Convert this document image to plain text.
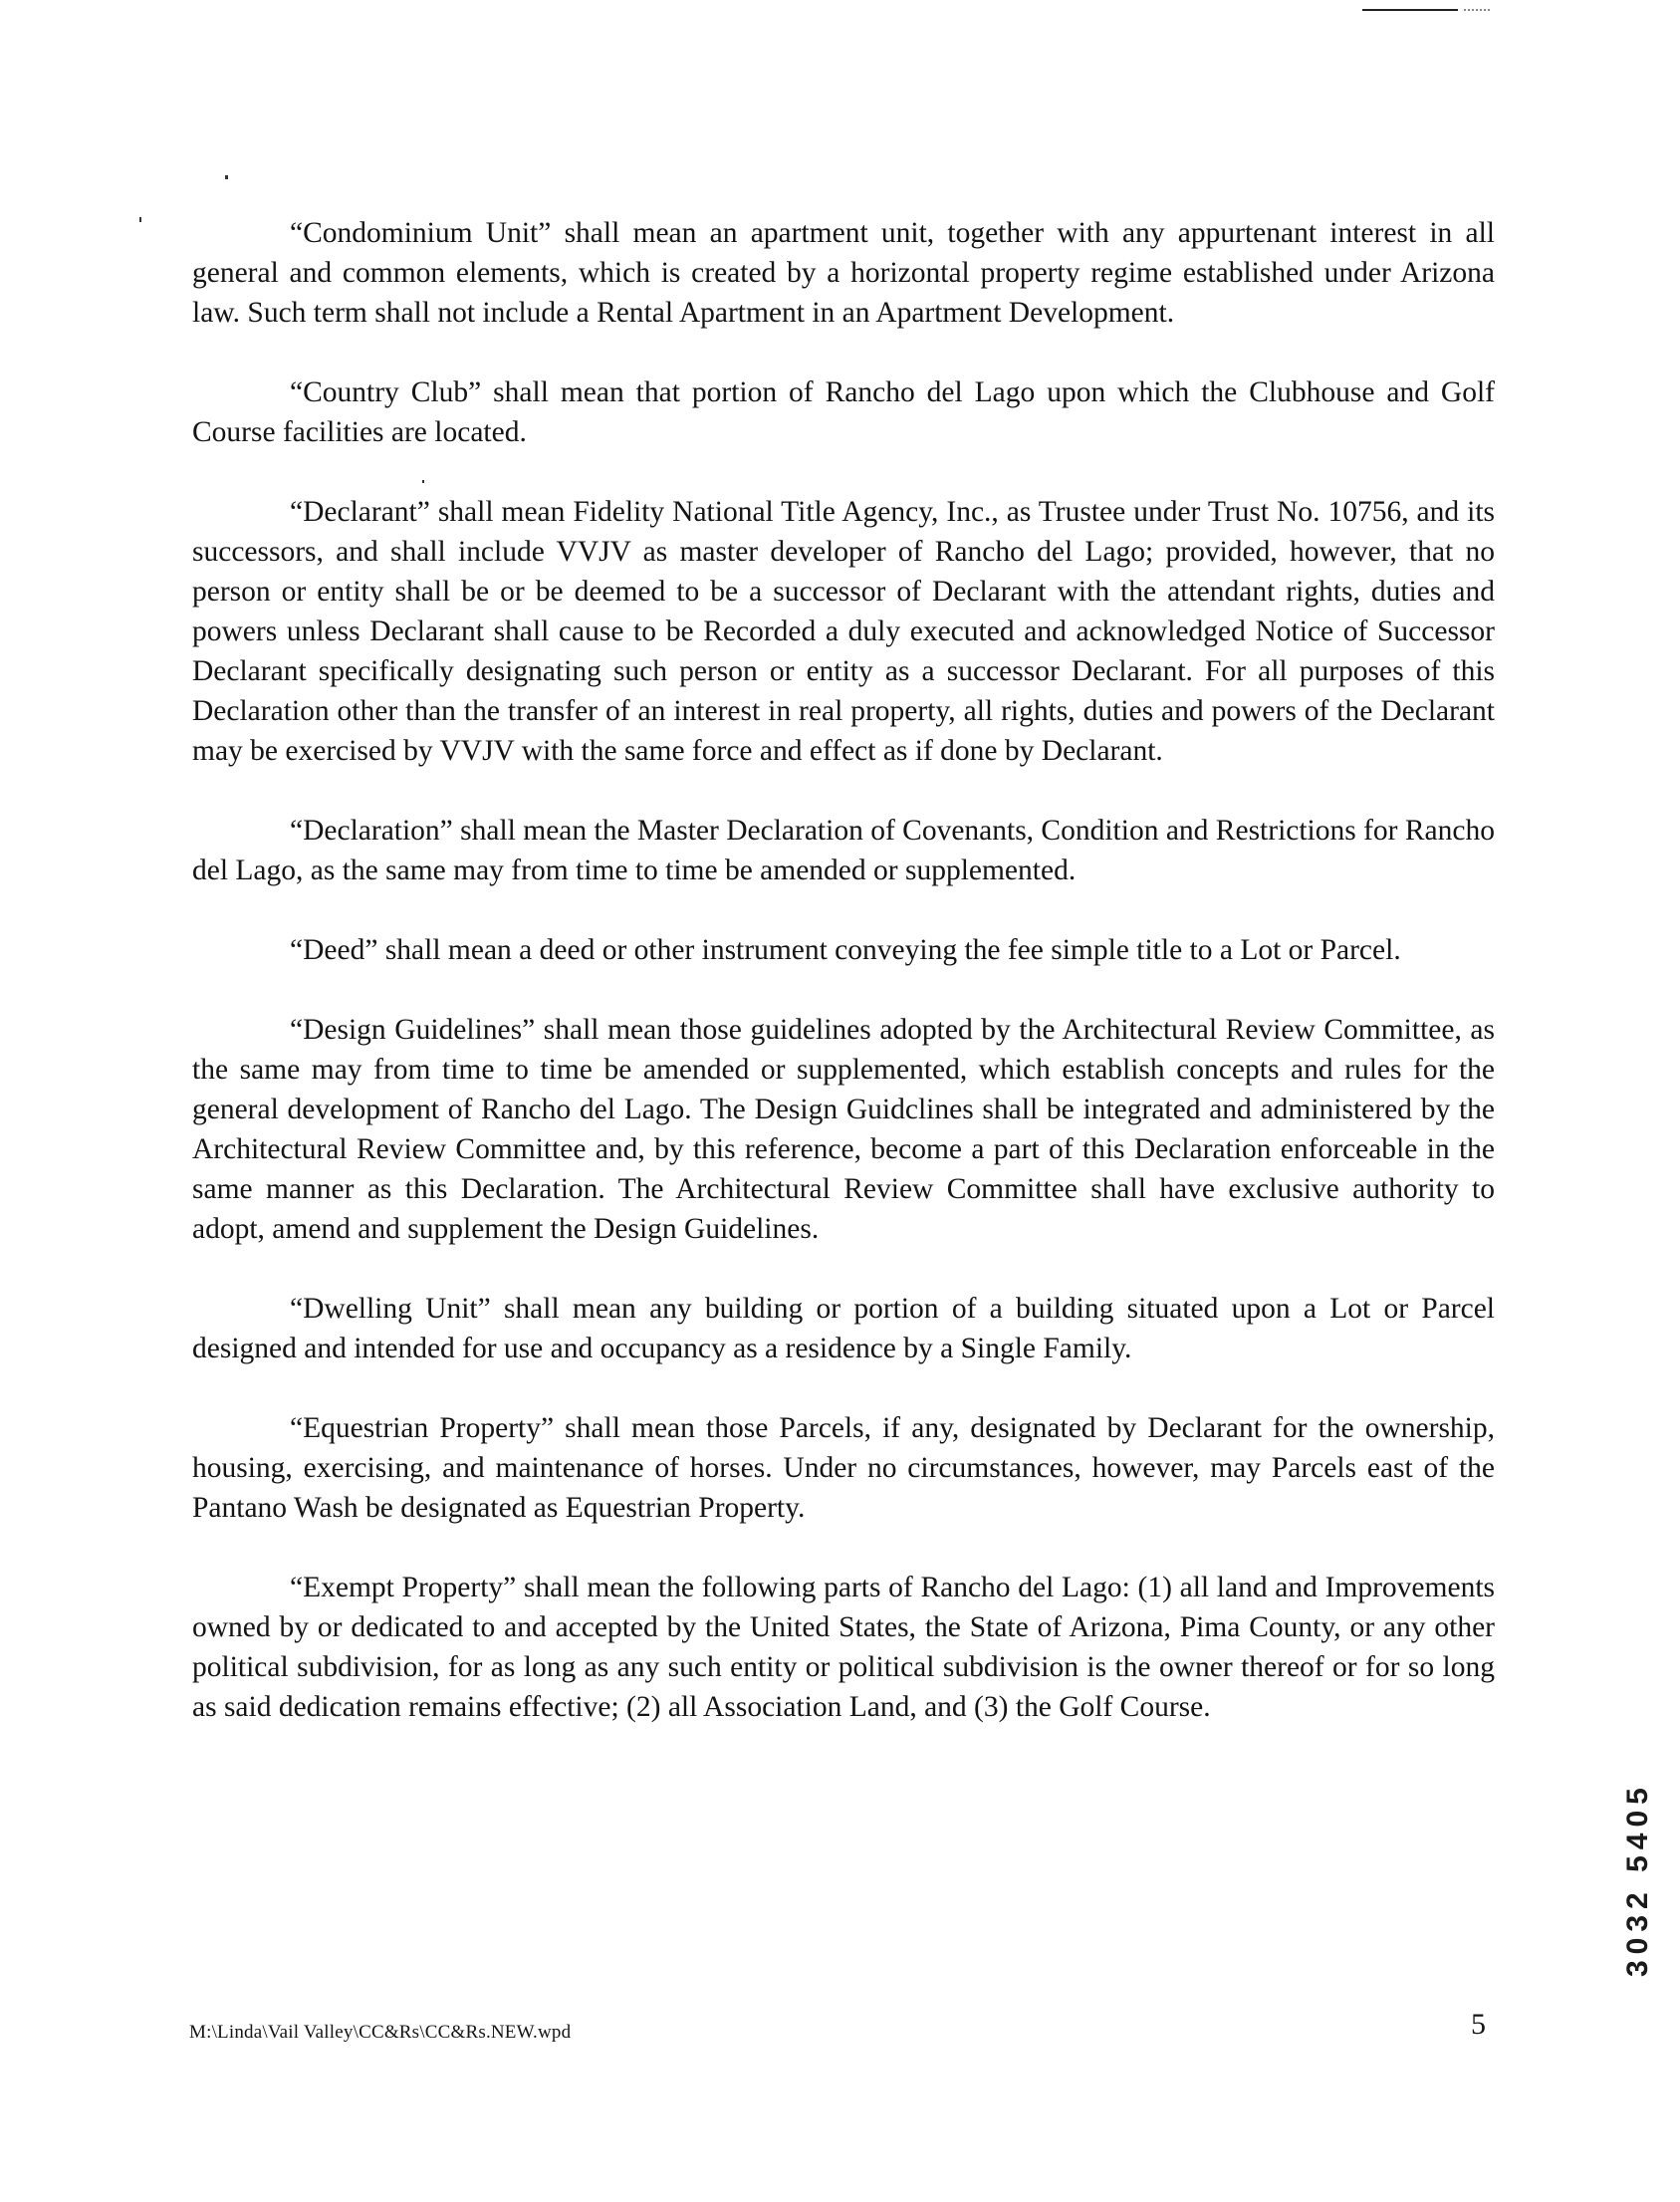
“Condominium Unit” shall mean an apartment unit, together with any appurtenant interest in all general and common elements, which is created by a horizontal property regime established under Arizona law. Such term shall not include a Rental Apartment in an Apartment Development.

“Country Club” shall mean that portion of Rancho del Lago upon which the Clubhouse and Golf Course facilities are located.

“Declarant” shall mean Fidelity National Title Agency, Inc., as Trustee under Trust No. 10756, and its successors, and shall include VVJV as master developer of Rancho del Lago; provided, however, that no person or entity shall be or be deemed to be a successor of Declarant with the attendant rights, duties and powers unless Declarant shall cause to be Recorded a duly executed and acknowledged Notice of Successor Declarant specifically designating such person or entity as a successor Declarant. For all purposes of this Declaration other than the transfer of an interest in real property, all rights, duties and powers of the Declarant may be exercised by VVJV with the same force and effect as if done by Declarant.

“Declaration” shall mean the Master Declaration of Covenants, Condition and Restrictions for Rancho del Lago, as the same may from time to time be amended or supplemented.

“Deed” shall mean a deed or other instrument conveying the fee simple title to a Lot or Parcel.

“Design Guidelines” shall mean those guidelines adopted by the Architectural Review Committee, as the same may from time to time be amended or supplemented, which establish concepts and rules for the general development of Rancho del Lago. The Design Guidclines shall be integrated and administered by the Architectural Review Committee and, by this reference, become a part of this Declaration enforceable in the same manner as this Declaration. The Architectural Review Committee shall have exclusive authority to adopt, amend and supplement the Design Guidelines.

“Dwelling Unit” shall mean any building or portion of a building situated upon a Lot or Parcel designed and intended for use and occupancy as a residence by a Single Family.

“Equestrian Property” shall mean those Parcels, if any, designated by Declarant for the ownership, housing, exercising, and maintenance of horses. Under no circumstances, however, may Parcels east of the Pantano Wash be designated as Equestrian Property.

“Exempt Property” shall mean the following parts of Rancho del Lago: (1) all land and Improvements owned by or dedicated to and accepted by the United States, the State of Arizona, Pima County, or any other political subdivision, for as long as any such entity or political subdivision is the owner thereof or for so long as said dedication remains effective; (2) all Association Land, and (3) the Golf Course.

M:\Linda\Vail Valley\CC&Rs\CC&Rs.NEW.wpd	5
3032 5405
